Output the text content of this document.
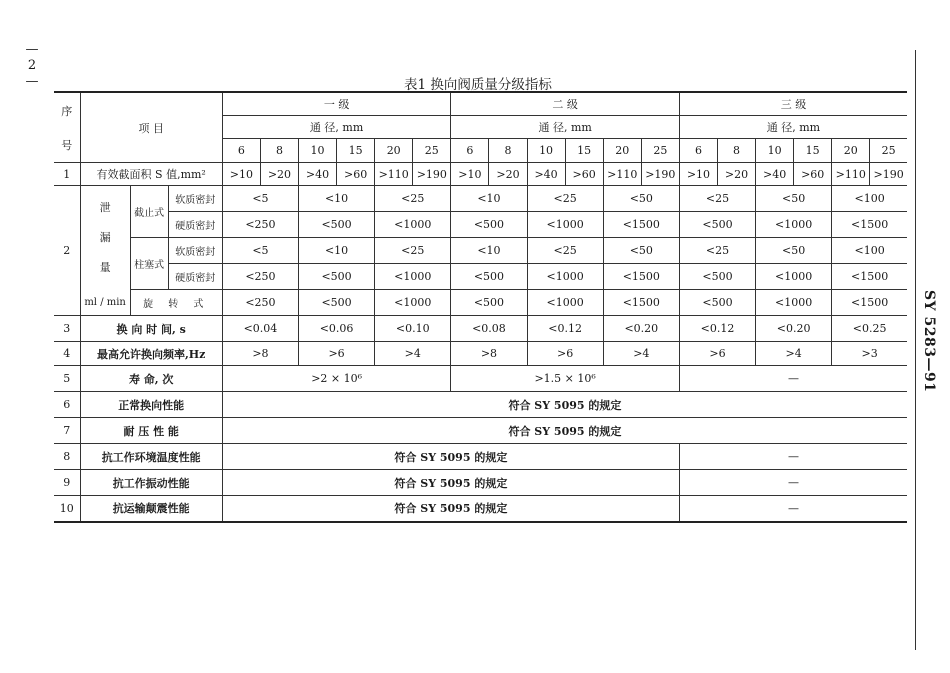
—
2
—
SY 5283—91
表1 换向阀质量分级指标
序
号	项 目			一 级						二 级						三 级					
				通 径, mm						通 径, mm						通 径, mm					
				6	8	10	15	20	25	6	8	10	15	20	25	6	8	10	15	20	25
1	有效截面积 S 值,mm²			>10	>20	>40	>60	>110	>190	>10	>20	>40	>60	>110	>190	>10	>20	>40	>60	>110	>190
2	泄
漏
量	截止式	软质密封	<5		<10		<25		<10		<25		<50		<25		<50		<100	
			硬质密封	<250		<500		<1000		<500		<1000		<1500		<500		<1000		<1500	
		柱塞式	软质密封	<5		<10		<25		<10		<25		<50		<25		<50		<100	
			硬质密封	<250		<500		<1000		<500		<1000		<1500		<500		<1000		<1500	
	ml / min	旋 转 式		<250		<500		<1000		<500		<1000		<1500		<500		<1000		<1500	
3	换 向 时 间, s			<0.04		<0.06		<0.10		<0.08		<0.12		<0.20		<0.12		<0.20		<0.25	
4	最高允许换向频率,Hz			>8		>6		>4		>8		>6		>4		>6		>4		>3	
5	寿 命, 次			>2 × 10⁶						>1.5 × 10⁶						—					
6	正常换向性能			符合 SY 5095 的规定																	
7	耐 压 性 能			符合 SY 5095 的规定																	
8	抗工作环境温度性能			符合 SY 5095 的规定												—					
9	抗工作振动性能			符合 SY 5095 的规定												—					
10	抗运输颠震性能			符合 SY 5095 的规定												—					
